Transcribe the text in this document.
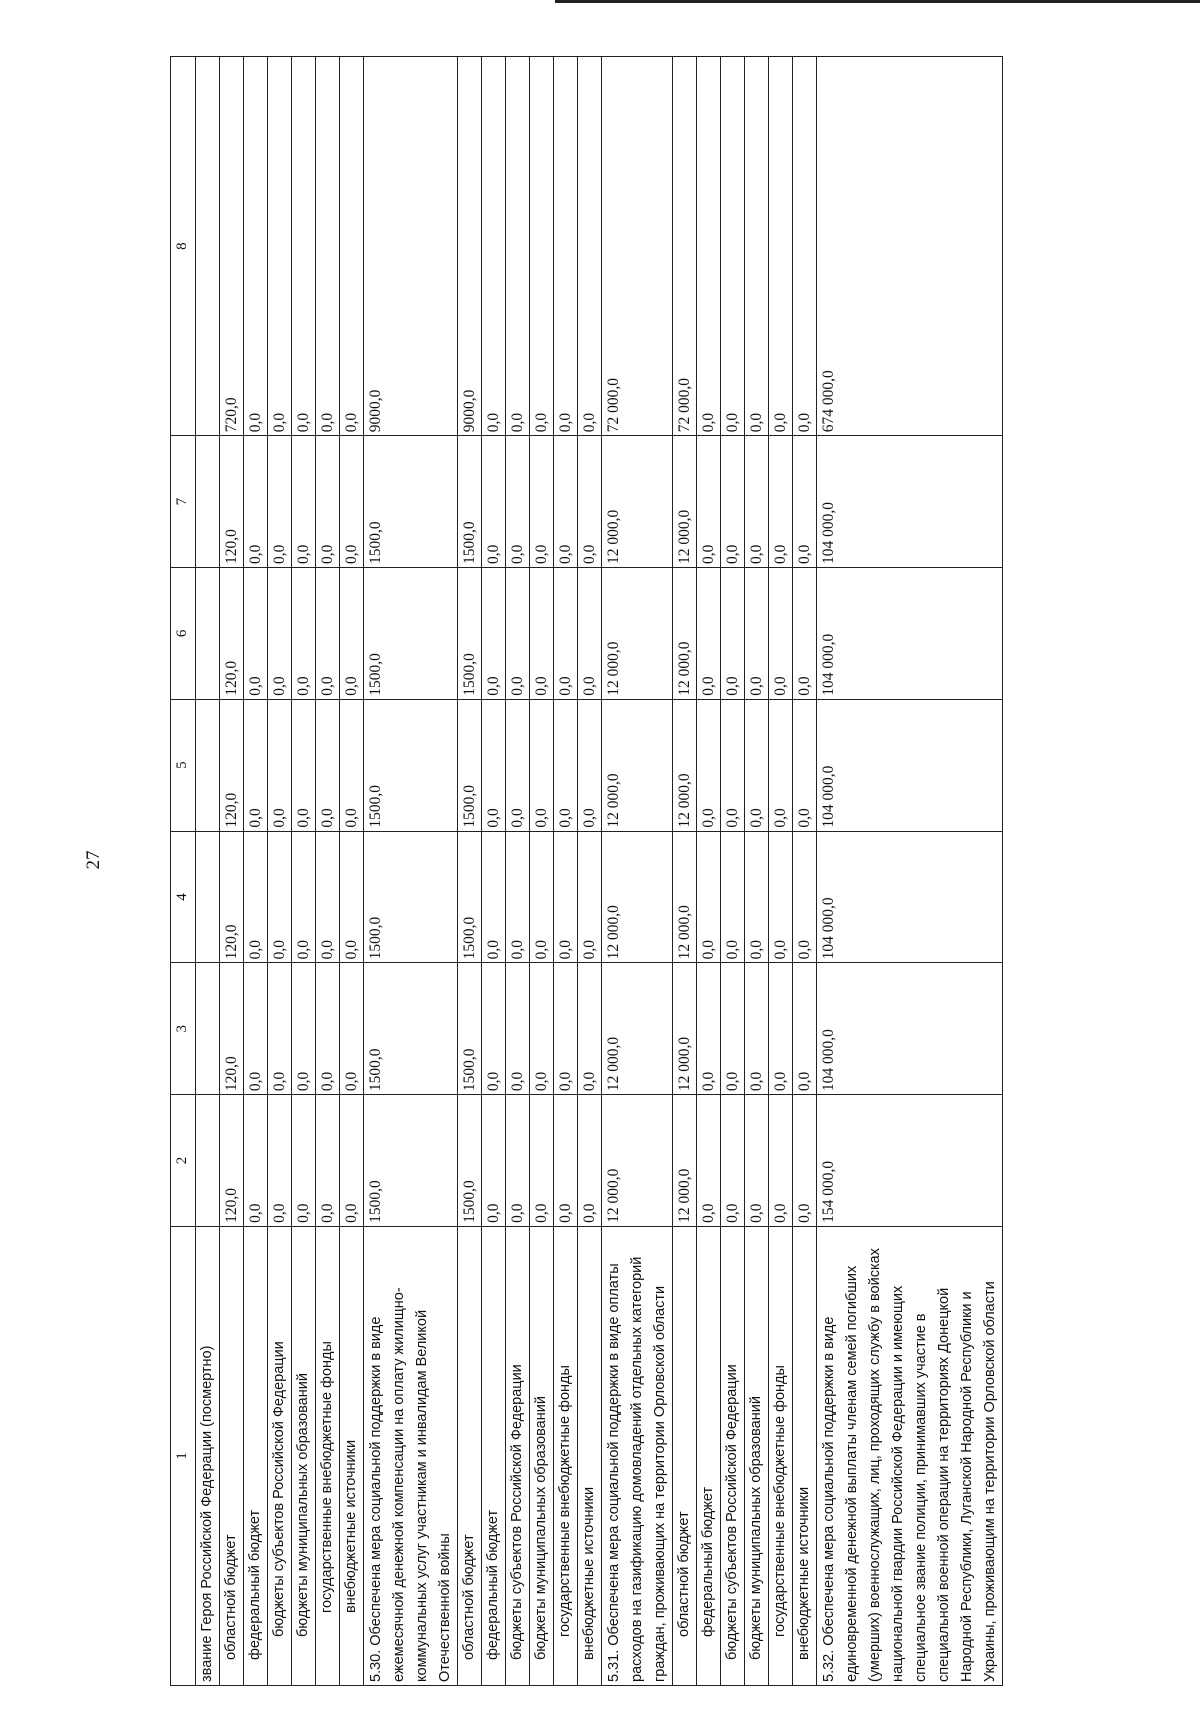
27
1	2	3	4	5	6	7	8
звание Героя Российской Федерации (посмертно)							
областной бюджет	120,0	120,0	120,0	120,0	120,0	120,0	720,0
федеральный бюджет	0,0	0,0	0,0	0,0	0,0	0,0	0,0
бюджеты субъектов Российской Федерации	0,0	0,0	0,0	0,0	0,0	0,0	0,0
бюджеты муниципальных образований	0,0	0,0	0,0	0,0	0,0	0,0	0,0
государственные внебюджетные фонды	0,0	0,0	0,0	0,0	0,0	0,0	0,0
внебюджетные источники	0,0	0,0	0,0	0,0	0,0	0,0	0,0
5.30. Обеспечена мера социальной поддержки в виде ежемесячной денежной компенсации на оплату жилищно-коммунальных услуг участникам и инвалидам Великой Отечественной войны	1500,0	1500,0	1500,0	1500,0	1500,0	1500,0	9000,0
областной бюджет	1500,0	1500,0	1500,0	1500,0	1500,0	1500,0	9000,0
федеральный бюджет	0,0	0,0	0,0	0,0	0,0	0,0	0,0
бюджеты субъектов Российской Федерации	0,0	0,0	0,0	0,0	0,0	0,0	0,0
бюджеты муниципальных образований	0,0	0,0	0,0	0,0	0,0	0,0	0,0
государственные внебюджетные фонды	0,0	0,0	0,0	0,0	0,0	0,0	0,0
внебюджетные источники	0,0	0,0	0,0	0,0	0,0	0,0	0,0
5.31. Обеспечена мера социальной поддержки в виде оплаты расходов на газификацию домовладений отдельных категорий граждан, проживающих на территории Орловской области	12 000,0	12 000,0	12 000,0	12 000,0	12 000,0	12 000,0	72 000,0
областной бюджет	12 000,0	12 000,0	12 000,0	12 000,0	12 000,0	12 000,0	72 000,0
федеральный бюджет	0,0	0,0	0,0	0,0	0,0	0,0	0,0
бюджеты субъектов Российской Федерации	0,0	0,0	0,0	0,0	0,0	0,0	0,0
бюджеты муниципальных образований	0,0	0,0	0,0	0,0	0,0	0,0	0,0
государственные внебюджетные фонды	0,0	0,0	0,0	0,0	0,0	0,0	0,0
внебюджетные источники	0,0	0,0	0,0	0,0	0,0	0,0	0,0
5.32. Обеспечена мера социальной поддержки в виде единовременной денежной выплаты членам семей погибших (умерших) военнослужащих, лиц, проходящих службу в войсках национальной гвардии Российской Федерации и имеющих специальное звание полиции, принимавших участие в специальной военной операции на территориях Донецкой Народной Республики, Луганской Народной Республики и Украины, проживающим на территории Орловской области	154 000,0	104 000,0	104 000,0	104 000,0	104 000,0	104 000,0	674 000,0
